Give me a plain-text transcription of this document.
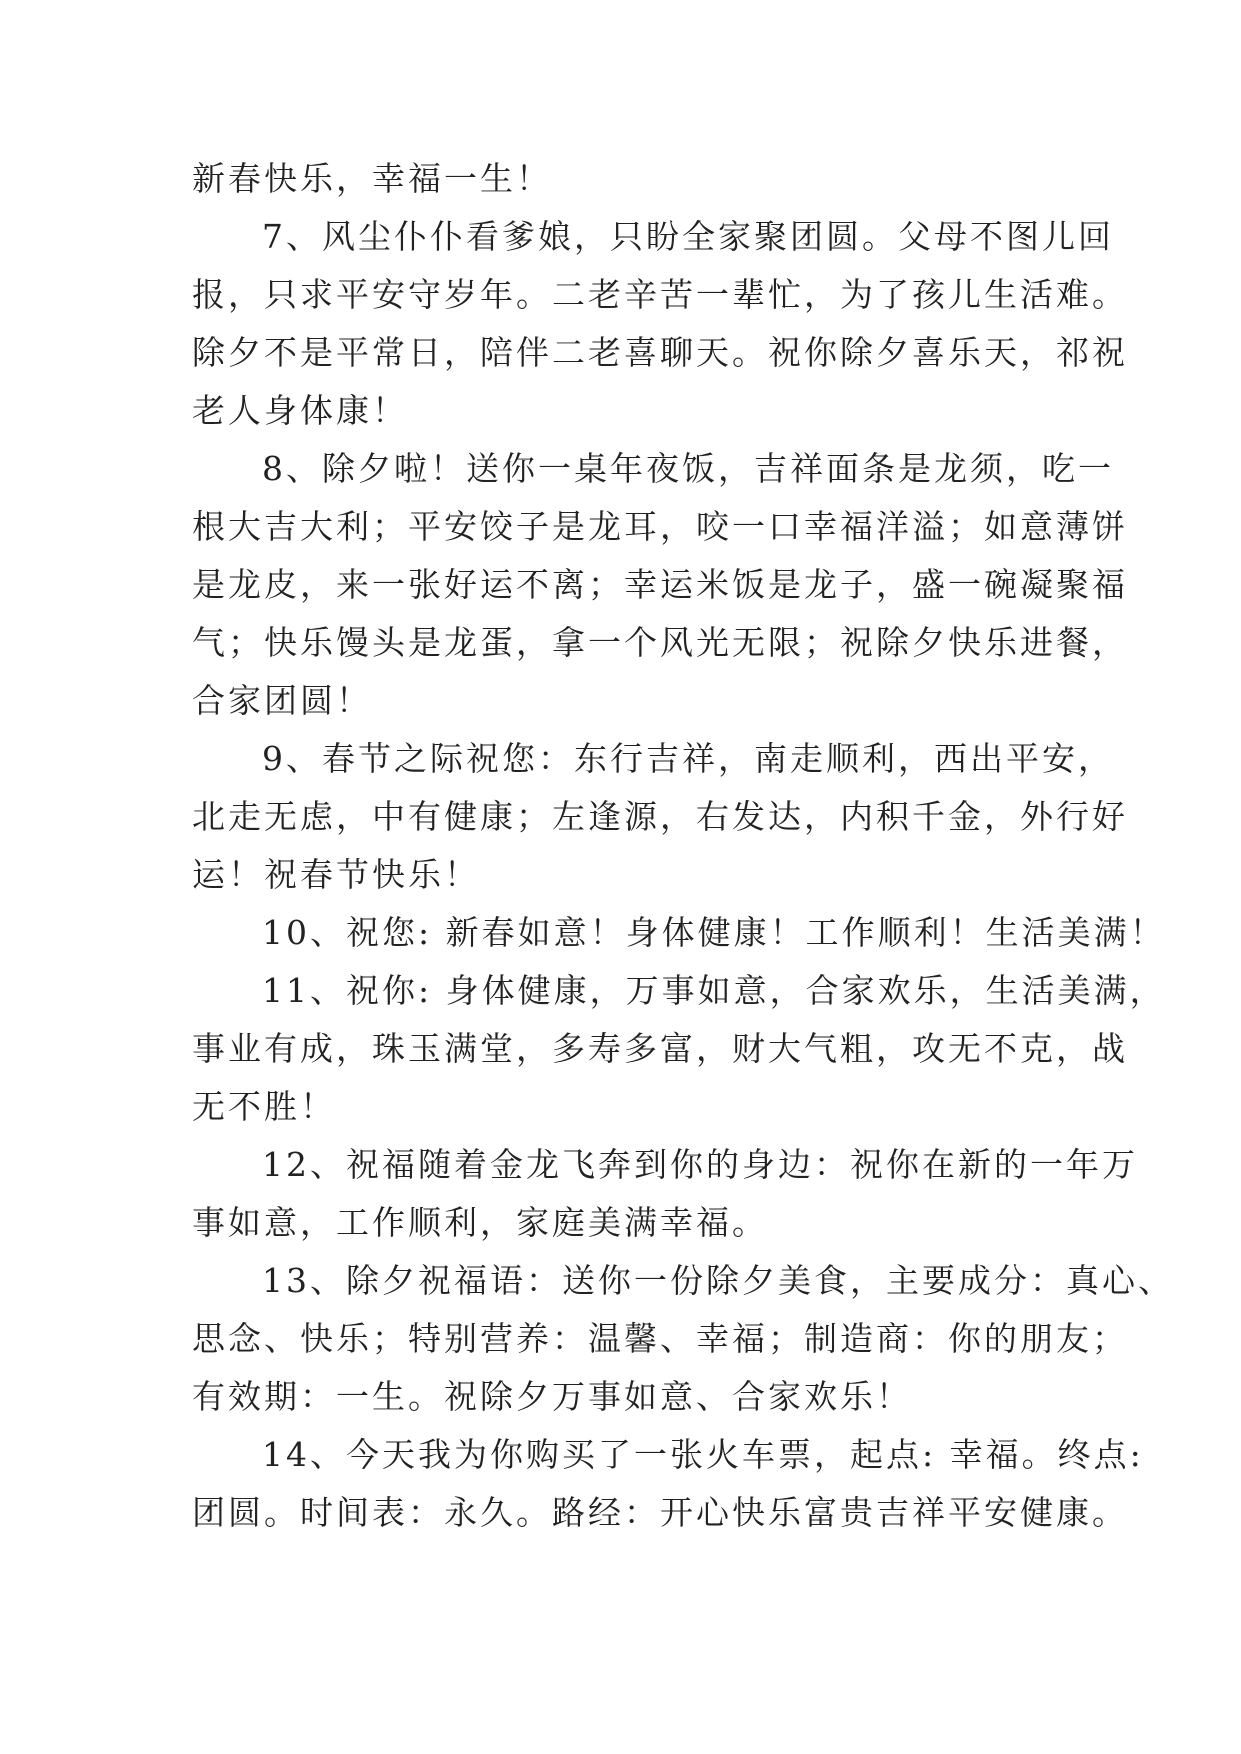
新春快乐，幸福一生！
7、风尘仆仆看爹娘，只盼全家聚团圆。父母不图儿回
报，只求平安守岁年。二老辛苦一辈忙，为了孩儿生活难。
除夕不是平常日，陪伴二老喜聊天。祝你除夕喜乐天，祁祝
老人身体康！
8、除夕啦！送你一桌年夜饭，吉祥面条是龙须，吃一
根大吉大利；平安饺子是龙耳，咬一口幸福洋溢；如意薄饼
是龙皮，来一张好运不离；幸运米饭是龙子，盛一碗凝聚福
气；快乐馒头是龙蛋，拿一个风光无限；祝除夕快乐进餐，
合家团圆！
9、春节之际祝您：东行吉祥，南走顺利，西出平安，
北走无虑，中有健康；左逢源，右发达，内积千金，外行好
运！祝春节快乐！
10、祝您: 新春如意！身体健康！工作顺利！生活美满！
11、祝你: 身体健康，万事如意，合家欢乐，生活美满，
事业有成，珠玉满堂，多寿多富，财大气粗，攻无不克，战
无不胜！
12、祝福随着金龙飞奔到你的身边：祝你在新的一年万
事如意，工作顺利，家庭美满幸福。
13、除夕祝福语：送你一份除夕美食，主要成分：真心、
思念、快乐；特别营养：温馨、幸福；制造商：你的朋友；
有效期：一生。祝除夕万事如意、合家欢乐！
14、今天我为你购买了一张火车票，起点: 幸福。终点:
团圆。时间表：永久。路经：开心快乐富贵吉祥平安健康。
